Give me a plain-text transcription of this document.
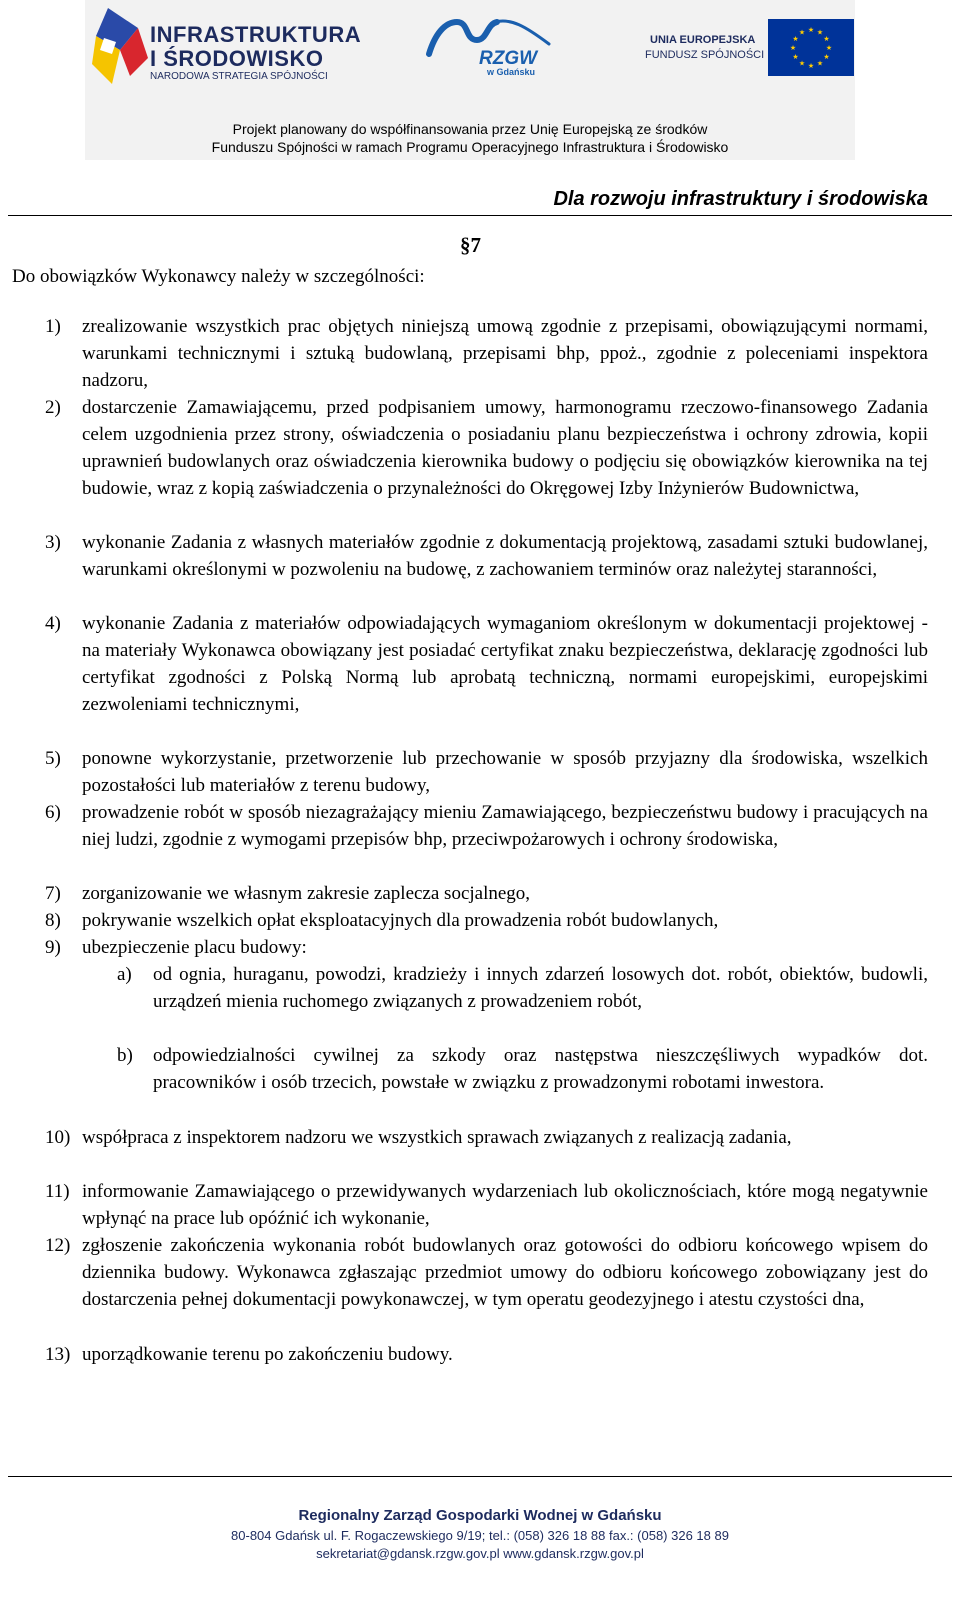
INFRASTRUKTURA
I ŚRODOWISKO
NARODOWA STRATEGIA SPÓJNOŚCI
RZGW
w Gdańsku
UNIA EUROPEJSKA
FUNDUSZ SPÓJNOŚCI
★ ★
★
★
★
★
★
★
★
★
★
★
Projekt planowany do współfinansowania przez Unię Europejską ze środków
Funduszu Spójności w ramach Programu Operacyjnego Infrastruktura i Środowisko
Dla rozwoju infrastruktury i środowiska
§7
Do obowiązków Wykonawcy należy w szczególności:
1) zrealizowanie wszystkich prac objętych niniejszą umową zgodnie z przepisami, obowiązującymi normami, warunkami technicznymi i sztuką budowlaną, przepisami bhp, ppoż., zgodnie z poleceniami inspektora nadzoru,
2) dostarczenie Zamawiającemu, przed podpisaniem umowy, harmonogramu rzeczowo-finansowego Zadania celem uzgodnienia przez strony, oświadczenia o posiadaniu planu bezpieczeństwa i ochrony zdrowia, kopii uprawnień budowlanych oraz oświadczenia kierownika budowy o podjęciu się obowiązków kierownika na tej budowie, wraz z kopią zaświadczenia o przynależności do Okręgowej Izby Inżynierów Budownictwa,
3) wykonanie Zadania z własnych materiałów zgodnie z dokumentacją projektową, zasadami sztuki budowlanej, warunkami określonymi w pozwoleniu na budowę, z zachowaniem terminów oraz należytej staranności,
4) wykonanie Zadania z materiałów odpowiadających wymaganiom określonym w dokumentacji projektowej - na materiały Wykonawca obowiązany jest posiadać certyfikat znaku bezpieczeństwa, deklarację zgodności lub certyfikat zgodności z Polską Normą lub aprobatą techniczną, normami europejskimi, europejskimi zezwoleniami technicznymi,
5) ponowne wykorzystanie, przetworzenie lub przechowanie w sposób przyjazny dla środowiska, wszelkich pozostałości lub materiałów z terenu budowy,
6) prowadzenie robót w sposób niezagrażający mieniu Zamawiającego, bezpieczeństwu budowy i pracujących na niej ludzi, zgodnie z wymogami przepisów bhp, przeciwpożarowych i ochrony środowiska,
7) zorganizowanie we własnym zakresie zaplecza socjalnego,
8) pokrywanie wszelkich opłat eksploatacyjnych dla prowadzenia robót budowlanych,
9) ubezpieczenie placu budowy:
a) od ognia, huraganu, powodzi, kradzieży i innych zdarzeń losowych dot. robót, obiektów, budowli, urządzeń mienia ruchomego związanych z prowadzeniem robót,
b) odpowiedzialności cywilnej za szkody oraz następstwa nieszczęśliwych wypadków dot. pracowników i osób trzecich, powstałe w związku z prowadzonymi robotami inwestora.
10) współpraca z inspektorem nadzoru we wszystkich sprawach związanych z realizacją zadania,
11) informowanie Zamawiającego o przewidywanych wydarzeniach lub okolicznościach, które mogą negatywnie wpłynąć na prace lub opóźnić ich wykonanie,
12) zgłoszenie zakończenia wykonania robót budowlanych oraz gotowości do odbioru końcowego wpisem do dziennika budowy. Wykonawca zgłaszając przedmiot umowy do odbioru końcowego zobowiązany jest do dostarczenia pełnej dokumentacji powykonawczej, w tym operatu geodezyjnego i atestu czystości dna,
13) uporządkowanie terenu po zakończeniu budowy.
Regionalny Zarząd Gospodarki Wodnej w Gdańsku
80-804 Gdańsk ul. F. Rogaczewskiego 9/19; tel.: (058) 326 18 88 fax.: (058) 326 18 89
sekretariat@gdansk.rzgw.gov.pl www.gdansk.rzgw.gov.pl
